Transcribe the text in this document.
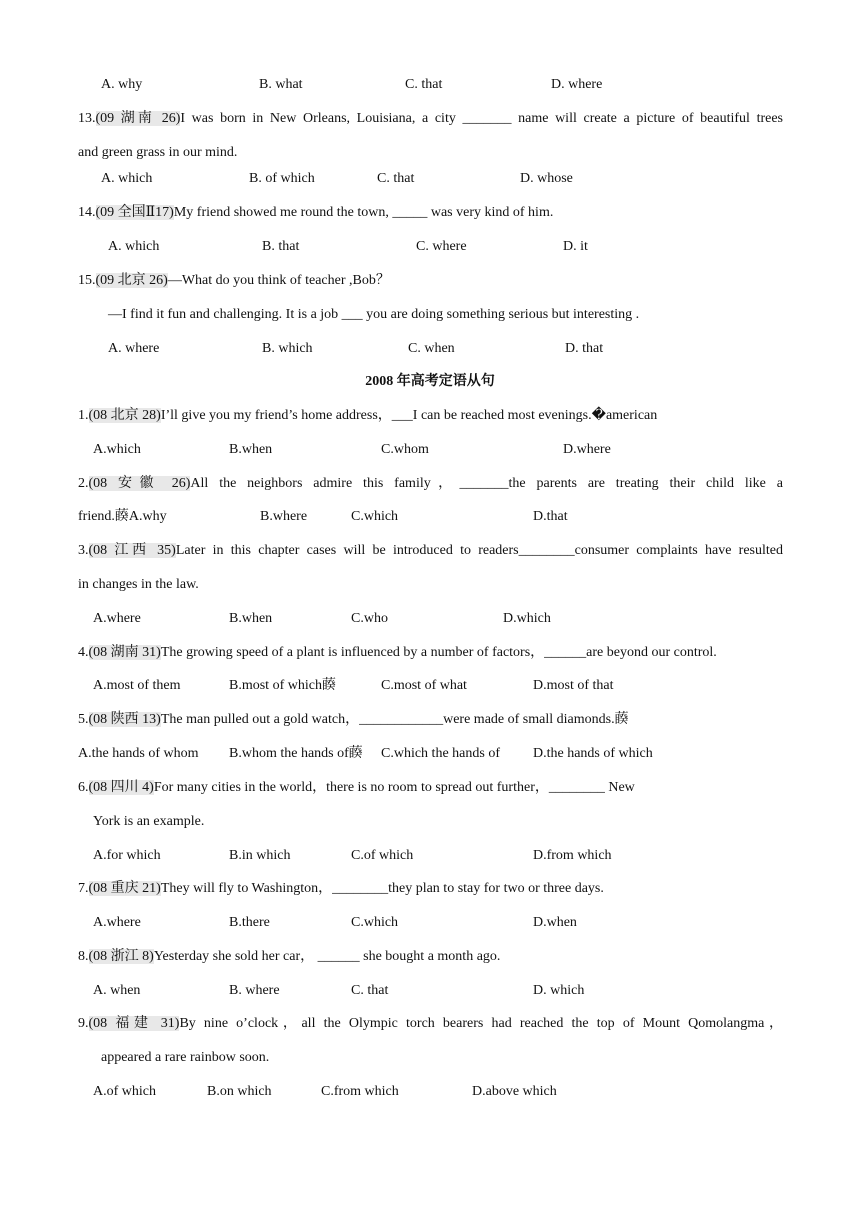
A. why	B. what	C. that	D. where
13.(09 湖南 26)I was born in New Orleans, Louisiana, a city _______ name will create a picture of beautiful trees
and green grass in our mind.
A. which	B. of which	C. that	D. whose
14.(09 全国Ⅱ17)My friend showed me round the town, _____ was very kind of him.
A. which	B. that	C. where	D. it
15.(09 北京 26)—What do you think of teacher ,Bob？
—I find it fun and challenging. It is a job ___ you are doing something serious but interesting .
A. where	B. which	C. when	D. that
2008 年高考定语从句
1.(08 北京 28)I’ll give you my friend’s home address，___I can be reached most evenings.�american
A.which	B.when	C.whom	D.where
2.(08 安徽 26)All the neighbors admire this family，_______the parents are treating their child like a
friend.藈A.why	B.where	C.which	D.that
3.(08 江西 35)Later in this chapter cases will be introduced to readers________consumer complaints have resulted
in changes in the law.
A.where	B.when	C.who	D.which
4.(08 湖南 31)The growing speed of a plant is influenced by a number of factors，______are beyond our control.
A.most of them	B.most of which藈	C.most of what	D.most of that
5.(08 陕西 13)The man pulled out a gold watch，____________were made of small diamonds.藈
A.the hands of whom B.whom the hands of藈 C.which the hands of D.the hands of which
6.(08 四川 4)For many cities in the world，there is no room to spread out further，________ New
York is an example.
A.for which	B.in which	C.of which	D.from which
7.(08 重庆 21)They will fly to Washington，________they plan to stay for two or three days.
A.where	B.there	C.which	D.when
8.(08 浙江 8)Yesterday she sold her car， ______ she bought a month ago.
A. when	B. where	C. that	D. which
9.(08 福建 31)By nine o’clock，all the Olympic torch bearers had reached the top of Mount Qomolangma，
appeared a rare rainbow soon.
A.of which	B.on which	C.from which	D.above which
